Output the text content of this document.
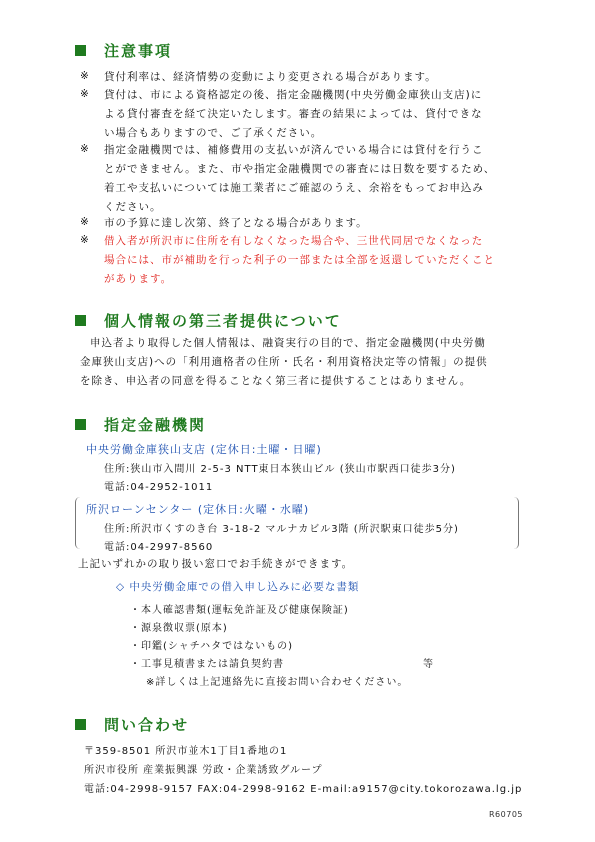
注意事項
※ 貸付利率は、経済情勢の変動により変更される場合があります。
※ 貸付は、市による資格認定の後、指定金融機関(中央労働金庫狭山支店)に
よる貸付審査を経て決定いたします。審査の結果によっては、貸付できな
い場合もありますので、ご了承ください。
※ 指定金融機関では、補修費用の支払いが済んでいる場合には貸付を行うこ
とができません。また、市や指定金融機関での審査には日数を要するため、
着工や支払いについては施工業者にご確認のうえ、余裕をもってお申込み
ください。
※ 市の予算に達し次第、終了となる場合があります。
※ 借入者が所沢市に住所を有しなくなった場合や、三世代同居でなくなった
場合には、市が補助を行った利子の一部または全部を返還していただくこと
があります。
個人情報の第三者提供について
申込者より取得した個人情報は、融資実行の目的で、指定金融機関(中央労働
金庫狭山支店)への「利用適格者の住所・氏名・利用資格決定等の情報」の提供
を除き、申込者の同意を得ることなく第三者に提供することはありません。
指定金融機関
中央労働金庫狭山支店 (定休日:土曜・日曜)
住所:狭山市入間川 2-5-3 NTT東日本狭山ビル (狭山市駅西口徒歩3分)
電話:04-2952-1011
所沢ローンセンター (定休日:火曜・水曜)
住所:所沢市くすのき台 3-18-2 マルナカビル3階 (所沢駅東口徒歩5分)
電話:04-2997-8560
上記いずれかの取り扱い窓口でお手続きができます。
◇ 中央労働金庫での借入申し込みに必要な書類
・本人確認書類(運転免許証及び健康保険証)
・源泉徴収票(原本)
・印鑑(シャチハタではないもの)
・工事見積書または請負契約書	等
※詳しくは上記連絡先に直接お問い合わせください。
問い合わせ
〒359-8501 所沢市並木1丁目1番地の1
所沢市役所 産業振興課 労政・企業誘致グループ
電話:04-2998-9157 FAX:04-2998-9162 E-mail:a9157@city.tokorozawa.lg.jp
R60705
